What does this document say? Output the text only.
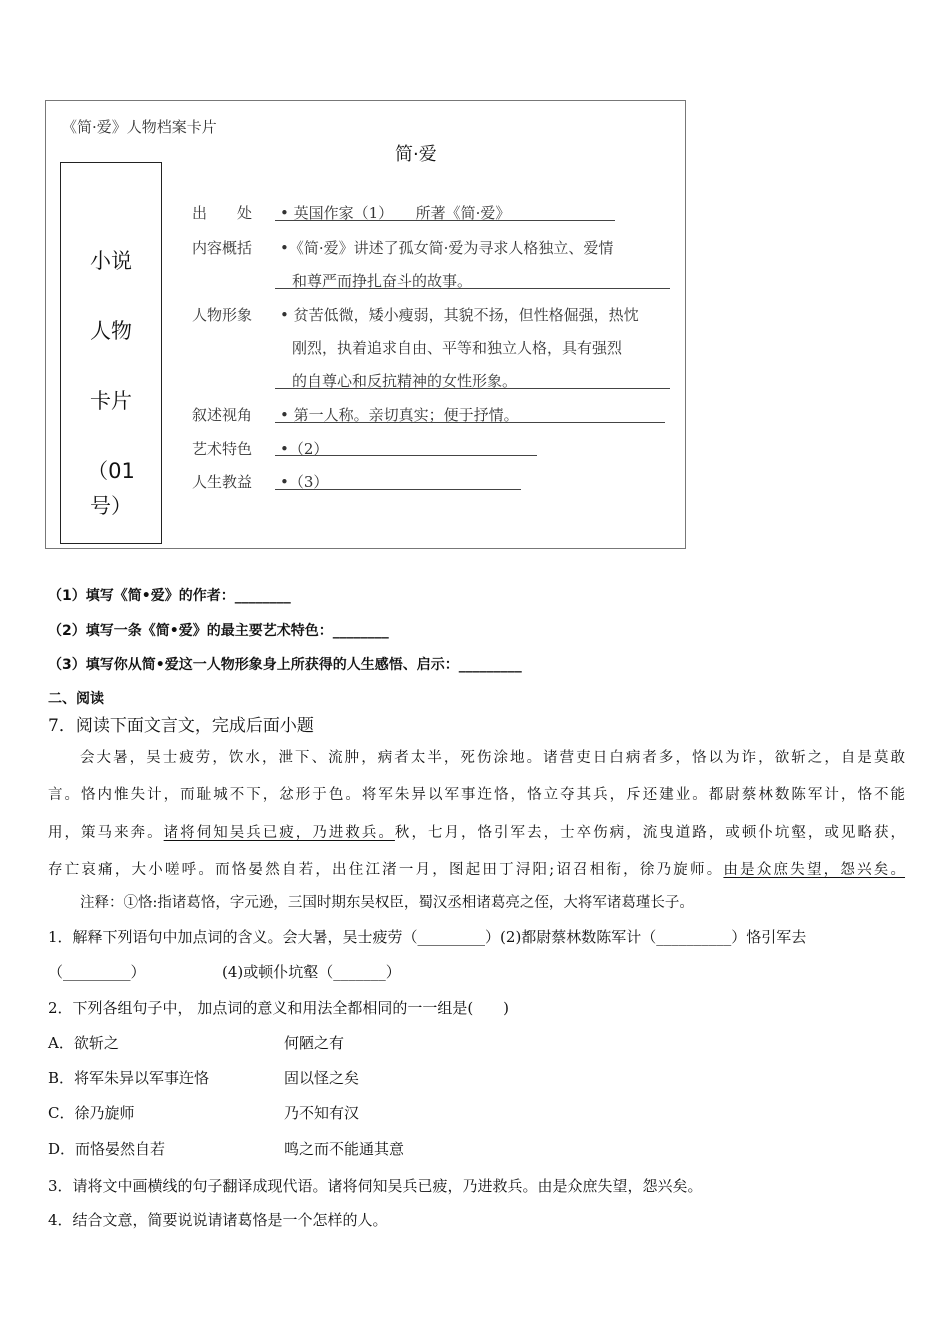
《简·爱》人物档案卡片
简·爱
小说
人物
卡片
（01
号）
出　　处 • 英国作家（1）　　所著《简·爱》
内容概括 •《简·爱》讲述了孤女简·爱为寻求人格独立、爱情
和尊严而挣扎奋斗的故事。
人物形象 • 贫苦低微，矮小瘦弱，其貌不扬，但性格倔强，热忱
刚烈，执着追求自由、平等和独立人格，具有强烈
的自尊心和反抗精神的女性形象。
叙述视角 • 第一人称。亲切真实；便于抒情。
艺术特色 •（2）
人生教益 •（3）
（1）填写《简•爱》的作者：________
（2）填写一条《简•爱》的最主要艺术特色：________
（3）填写你从简•爱这一人物形象身上所获得的人生感悟、启示：_________
二、阅读
7．阅读下面文言文，完成后面小题
会大暑，吴士疲劳，饮水，泄下、流肿，病者太半，死伤涂地。诸营吏日白病者多，恪以为诈，欲斩之，自是莫敢
言。恪内惟失计，而耻城不下，忿形于色。将军朱异以军事迕恪，恪立夺其兵，斥还建业。都尉蔡林数陈军计，恪不能
用，策马来奔。诸将伺知吴兵已疲，乃进救兵。秋，七月，恪引军去，士卒伤病，流曳道路，或顿仆坑壑，或见略获，
存亡哀痛，大小嗟呼。而恪晏然自若，出住江渚一月，图起田丁浔阳;诏召相衔，徐乃旋师。由是众庶失望，怨兴矣。
注释：①恪:指诸葛恪，字元逊，三国时期东吴权臣，蜀汉丞相诸葛亮之侄，大将军诸葛瑾长子。
1．解释下列语句中加点词的含义。会大暑，吴士疲劳（_________）(2)都尉蔡林数陈军计（__________）恪引军去
（_________）	(4)或顿仆坑壑（_______）
2．下列各组句子中， 加点词的意义和用法全都相同的一一组是(　　)
A．欲斩之	何陋之有
B．将军朱异以军事迕恪	固以怪之矣
C．徐乃旋师	乃不知有汉
D．而恪晏然自若	鸣之而不能通其意
3．请将文中画横线的句子翻译成现代语。诸将伺知吴兵已疲，乃进救兵。由是众庶失望，怨兴矣。
4．结合文意，简要说说请诸葛恪是一个怎样的人。
